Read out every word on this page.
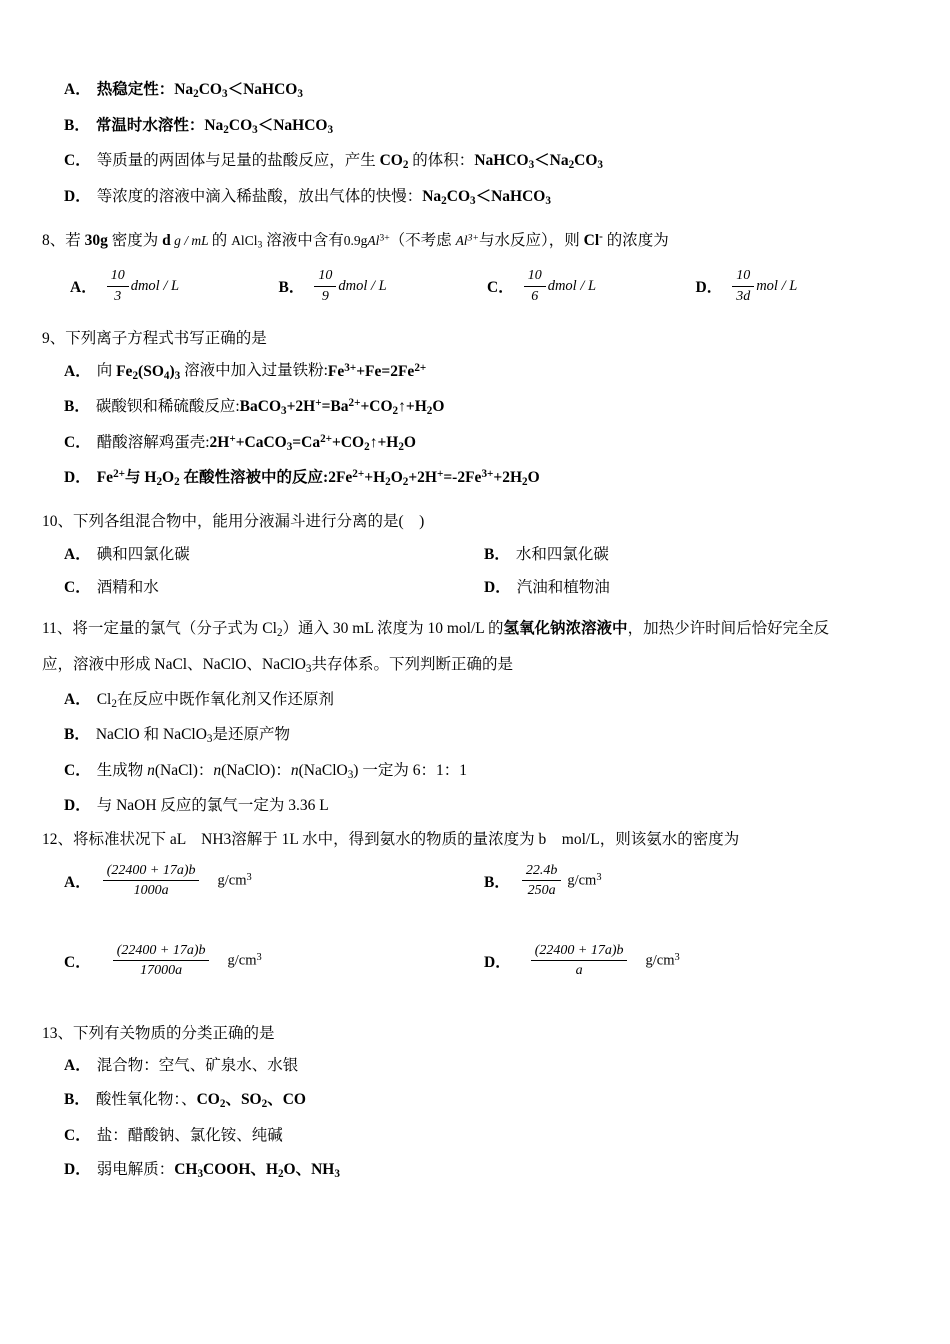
A． 热稳定性：$Na_2CO_3<NaHCO_3$
B． 常温时水溶性：$Na_2CO_3<NaHCO_3$
C． 等质量的两固体与足量的盐酸反应，产生 $CO_2$ 的体积：$NaHCO_3<Na_2CO_3$
D． 等浓度的溶液中滴入稀盐酸，放出气体的快慢：$Na_2CO_3<NaHCO_3$
8、若 30g 密度为 d g / mL 的 AlCl$_3$ 溶液中含有0.9gAl$^{3+}$（不考虑 $Al^{3+}$与水反应），则 Cl- 的浓度为
A． $\frac{10}{3}$ dmol / L	B． $\frac{10}{9}$ dmol / L	C． $\frac{10}{6}$ dmol / L	D． $\frac{10}{3d}$ mol / L
9、下列离子方程式书写正确的是
A． 向 $Fe_2(SO_4)_3$ 溶液中加入过量铁粉$:Fe^{3+}+Fe=2Fe^{2+}$
B． 碳酸钡和稀硫酸反应$:BaCO_3+2H^+=Ba^{2+}+CO_2↑+H_2O$
C． 醋酸溶解鸡蛋壳$:2H^++CaCO_3=Ca^{2+}+CO_2↑+H_2O$
D． $Fe^{2+}$与 $H_2O_2$ 在酸性溶被中的反应$:2Fe^{2+}+H_2O_2+2H^+=-2Fe^{3+}+2H_2O$
10、下列各组混合物中，能用分液漏斗进行分离的是(　)
A． 碘和四氯化碳	B． 水和四氯化碳
C． 酒精和水	D． 汽油和植物油
11、将一定量的氯气（分子式为 $Cl_2$）通入 30 mL 浓度为 10 mol/L 的氢氧化钠浓溶液中，加热少许时间后恰好完全反
应，溶液中形成 NaCl、NaClO、NaClO$_3$共存体系。下列判断正确的是
A． $Cl_2$在反应中既作氧化剂又作还原剂
B． NaClO 和 NaClO$_3$是还原产物
C． 生成物 n(NaCl)：n(NaClO)：n(NaClO$_3$) 一定为 6：1：1
D． 与 NaOH 反应的氯气一定为 3.36 L
12、将标准状况下 aL　NH3溶解于 1L 水中，得到氨水的物质的量浓度为 b　mol/L，则该氨水的密度为
A． $\frac{(22400 + 17a)b}{1000a} g/cm^3$	B． $\frac{22.4b}{250a} g/cm^3$
C． $\frac{(22400 + 17a)b}{17000a} g/cm^3$	D． $\frac{(22400 + 17a)b}{a} g/cm^3$
13、下列有关物质的分类正确的是
A． 混合物：空气、矿泉水、水银
B． 酸性氧化物：、$CO_2$、$SO_2$、CO
C． 盐：醋酸钠、氯化铵、纯碱
D． 弱电解质：$CH_3COOH$、$H_2O$、$NH_3$
